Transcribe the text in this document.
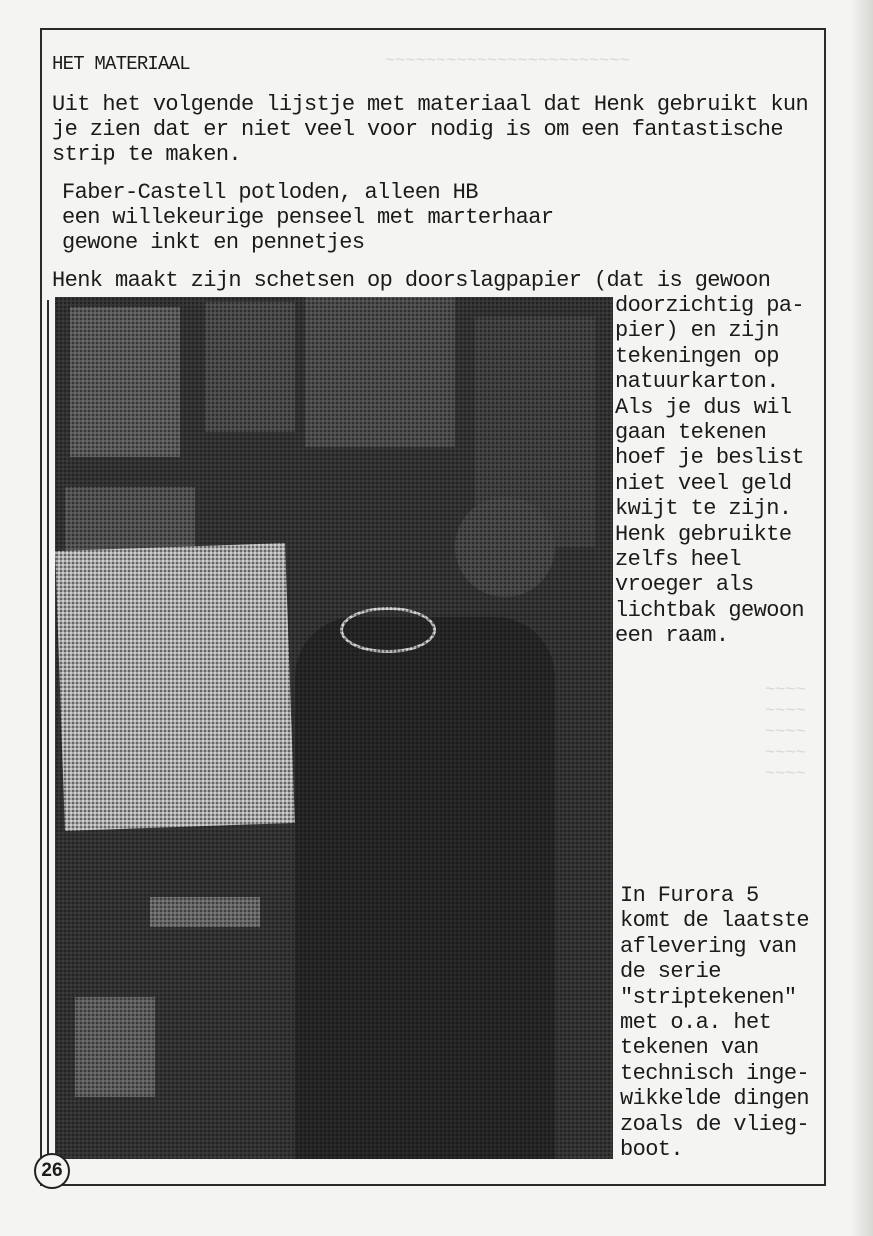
~~~~~~~~~~~~~~~~~~~~~~~~
HET MATERIAAL
Uit het volgende lijstje met materiaal dat Henk gebruikt kun
je zien dat er niet veel voor nodig is om een fantastische
strip te maken.
Faber-Castell potloden, alleen HB
een willekeurige penseel met marterhaar
gewone inkt en pennetjes
Henk maakt zijn schetsen op doorslagpapier (dat is gewoon
doorzichtig pa-
pier) en zijn
tekeningen op
natuurkarton.
Als je dus wil
gaan tekenen
hoef je beslist
niet veel geld
kwijt te zijn.
Henk gebruikte
zelfs heel
vroeger als
lichtbak gewoon
een raam.
~~~~
~~~~
~~~~
~~~~
~~~~
In Furora 5
komt de laatste
aflevering van
de serie
"striptekenen"
met o.a. het
tekenen van
technisch inge-
wikkelde dingen
zoals de vlieg-
boot.
26
